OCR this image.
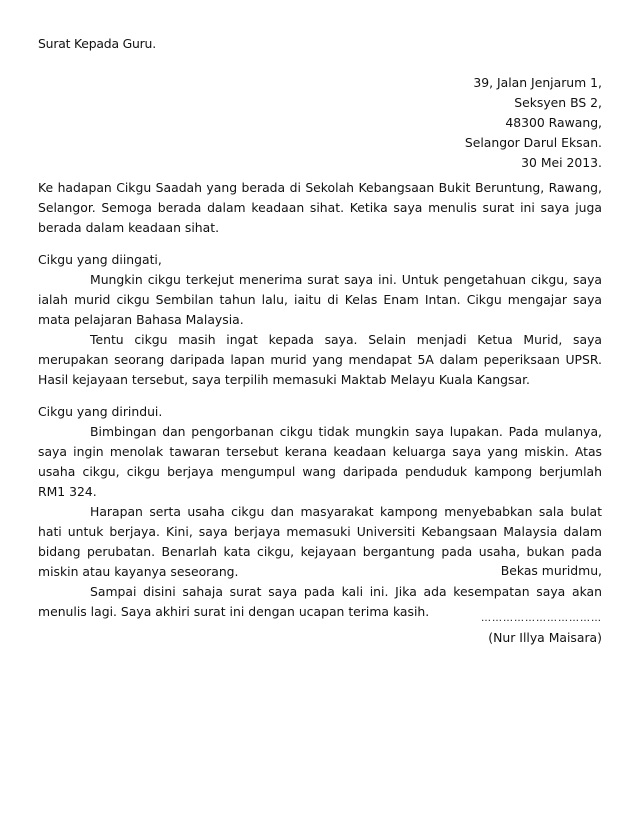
Surat Kepada Guru.
39, Jalan Jenjarum 1,
Seksyen BS 2,
48300 Rawang,
Selangor Darul Eksan.
30 Mei 2013.

Ke hadapan Cikgu Saadah yang berada di Sekolah Kebangsaan Bukit Beruntung, Rawang, Selangor. Semoga berada dalam keadaan sihat. Ketika saya menulis surat ini saya juga berada dalam keadaan sihat.

Cikgu yang diingati,

Mungkin cikgu terkejut menerima surat saya ini. Untuk pengetahuan cikgu, saya ialah murid cikgu Sembilan tahun lalu, iaitu di Kelas Enam Intan. Cikgu mengajar saya mata pelajaran Bahasa Malaysia.

Tentu cikgu masih ingat kepada saya. Selain menjadi Ketua Murid, saya merupakan seorang daripada lapan murid yang mendapat 5A dalam peperiksaan UPSR. Hasil kejayaan tersebut, saya terpilih memasuki Maktab Melayu Kuala Kangsar.

Cikgu yang dirindui.

Bimbingan dan pengorbanan cikgu tidak mungkin saya lupakan. Pada mulanya, saya ingin menolak tawaran tersebut kerana keadaan keluarga saya yang miskin. Atas usaha cikgu, cikgu berjaya mengumpul wang daripada penduduk kampong berjumlah RM1 324.

Harapan serta usaha cikgu dan masyarakat kampong menyebabkan sala bulat hati untuk berjaya. Kini, saya berjaya memasuki Universiti Kebangsaan Malaysia dalam bidang perubatan. Benarlah kata cikgu, kejayaan bergantung pada usaha, bukan pada miskin atau kayanya seseorang.

Sampai disini sahaja surat saya pada kali ini. Jika ada kesempatan saya akan menulis lagi. Saya akhiri surat ini dengan ucapan terima kasih.

Bekas muridmu,
……………………………
(Nur Illya Maisara)
